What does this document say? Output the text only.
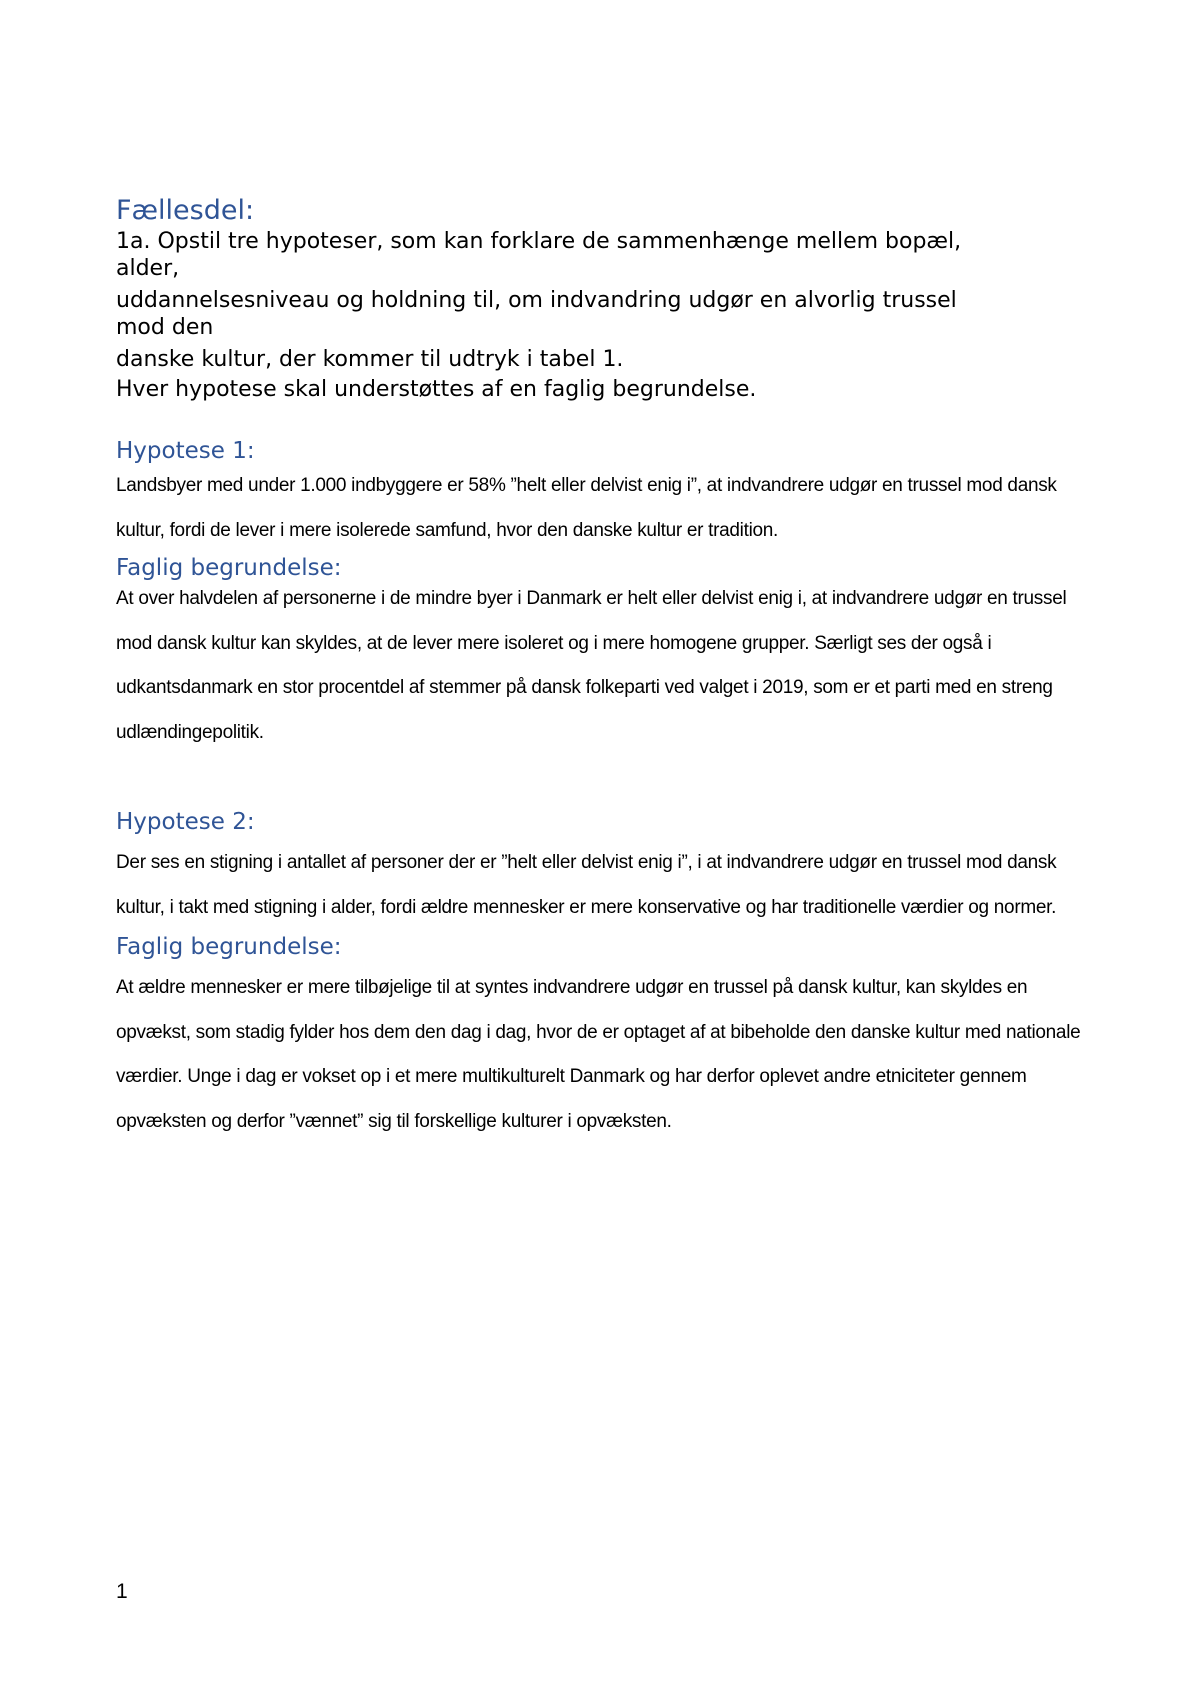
Fællesdel:
1a. Opstil tre hypoteser, som kan forklare de sammenhænge mellem bopæl,
alder,
uddannelsesniveau og holdning til, om indvandring udgør en alvorlig trussel
mod den
danske kultur, der kommer til udtryk i tabel 1.
Hver hypotese skal understøttes af en faglig begrundelse.
Hypotese 1:

Landsbyer med under 1.000 indbyggere er 58% ”helt eller delvist enig i”, at indvandrere udgør en trussel mod dansk kultur, fordi de lever i mere isolerede samfund, hvor den danske kultur er tradition.

Faglig begrundelse:

At over halvdelen af personerne i de mindre byer i Danmark er helt eller delvist enig i, at indvandrere udgør en trussel mod dansk kultur kan skyldes, at de lever mere isoleret og i mere homogene grupper. Særligt ses der også i udkantsdanmark en stor procentdel af stemmer på dansk folkeparti ved valget i 2019, som er et parti med en streng udlændingepolitik.

Hypotese 2:

Der ses en stigning i antallet af personer der er ”helt eller delvist enig i”, i at indvandrere udgør en trussel mod dansk kultur, i takt med stigning i alder, fordi ældre mennesker er mere konservative og har traditionelle værdier og normer.

Faglig begrundelse:

At ældre mennesker er mere tilbøjelige til at syntes indvandrere udgør en trussel på dansk kultur, kan skyldes en opvækst, som stadig fylder hos dem den dag i dag, hvor de er optaget af at bibeholde den danske kultur med nationale værdier. Unge i dag er vokset op i et mere multikulturelt Danmark og har derfor oplevet andre etniciteter gennem opvæksten og derfor ”vænnet” sig til forskellige kulturer i opvæksten.

1
